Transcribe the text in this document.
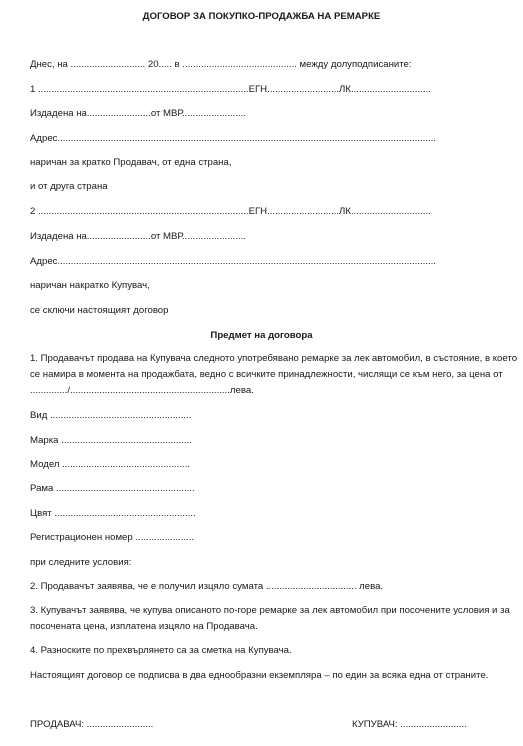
ДОГОВОР ЗА ПОКУПКО-ПРОДАЖБА НА РЕМАРКЕ
Днес, на ............................ 20..... в ........................................... между долуподписаните:
1 ...............................................................................ЕГН...........................ЛК..............................
Издадена на........................от МВР........................
Адрес..............................................................................................................................................
наричан за кратко Продавач, от една страна,
и от друга страна
2 ...............................................................................ЕГН...........................ЛК..............................
Издадена на........................от МВР........................
Адрес..............................................................................................................................................
наричан накратко Купувач,
се сключи настоящият договор
Предмет на договора
1. Продавачът продава на Купувача следното употребявано ремарке за лек автомобил, в състояние, в което се намира в момента на продажбата, ведно с всичките принадлежности, числящи се към него, за цена от ............../............................................................лева.
Вид .....................................................
Марка .................................................
Модел ................................................
Рама ....................................................
Цвят .....................................................
Регистрационен номер ......................
при следните условия:
2. Продавачът заявява, че е получил изцяло сумата .................................. лева.
3. Купувачът заявява, че купува описаното по-горе ремарке за лек автомобил при посочените условия и за посочената цена, изплатена изцяло на Продавача.
4. Разноските по прехвърлянето са за сметка на Купувача.
Настоящият договор се подписва в два еднообразни екземпляра – по един за всяка една от страните.
ПРОДАВАЧ: .........................	КУПУВАЧ: .........................
